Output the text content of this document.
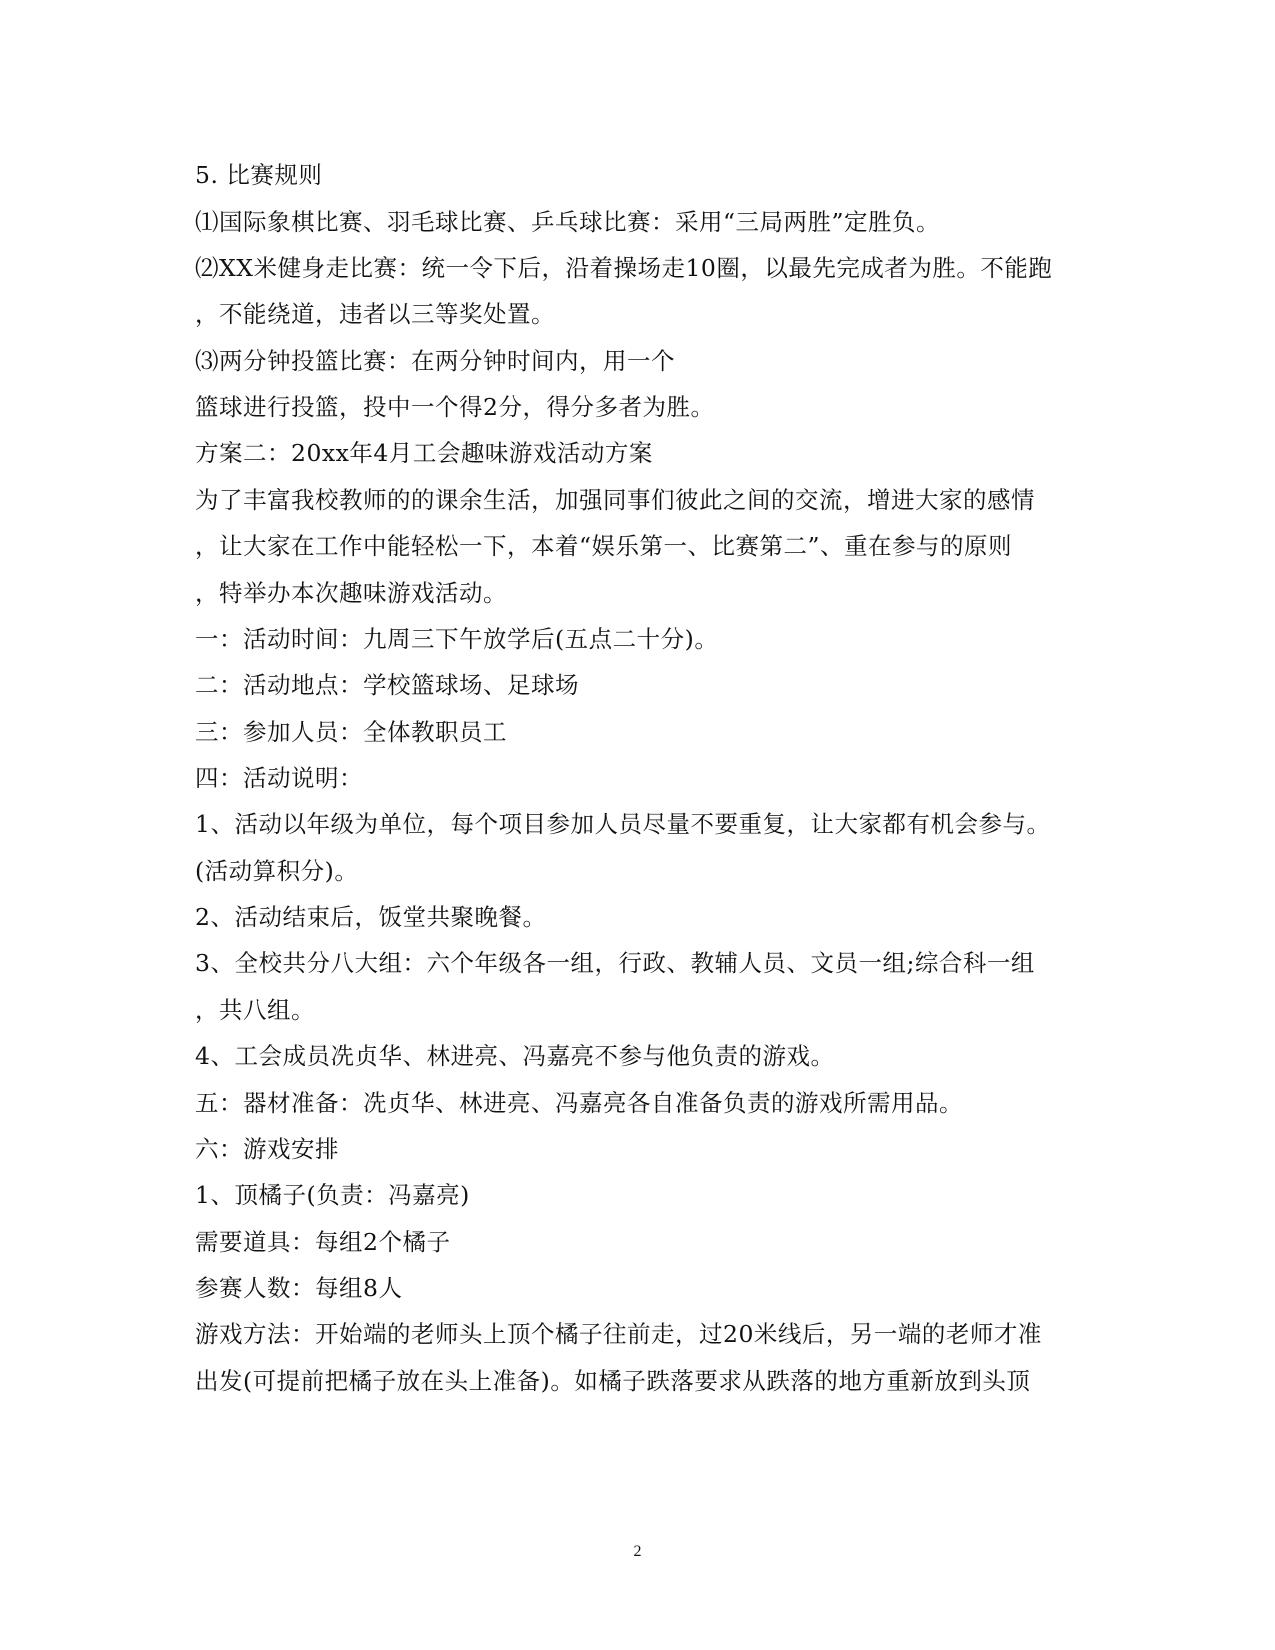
5. 比赛规则
⑴国际象棋比赛、羽毛球比赛、乒乓球比赛：采用“三局两胜”定胜负。
⑵XX米健身走比赛：统一令下后，沿着操场走10圈，以最先完成者为胜。不能跑
，不能绕道，违者以三等奖处置。
⑶两分钟投篮比赛：在两分钟时间内，用一个
篮球进行投篮，投中一个得2分，得分多者为胜。
方案二：20xx年4月工会趣味游戏活动方案
为了丰富我校教师的的课余生活，加强同事们彼此之间的交流，增进大家的感情
，让大家在工作中能轻松一下，本着“娱乐第一、比赛第二”、重在参与的原则
，特举办本次趣味游戏活动。
一：活动时间：九周三下午放学后(五点二十分)。
二：活动地点：学校篮球场、足球场
三：参加人员：全体教职员工
四：活动说明：
1、活动以年级为单位，每个项目参加人员尽量不要重复，让大家都有机会参与。
(活动算积分)。
2、活动结束后，饭堂共聚晚餐。
3、全校共分八大组：六个年级各一组，行政、教辅人员、文员一组;综合科一组
，共八组。
4、工会成员冼贞华、林进亮、冯嘉亮不参与他负责的游戏。
五：器材准备：冼贞华、林进亮、冯嘉亮各自准备负责的游戏所需用品。
六：游戏安排
1、顶橘子(负责：冯嘉亮)
需要道具：每组2个橘子
参赛人数：每组8人
游戏方法：开始端的老师头上顶个橘子往前走，过20米线后，另一端的老师才准
出发(可提前把橘子放在头上准备)。如橘子跌落要求从跌落的地方重新放到头顶
2
